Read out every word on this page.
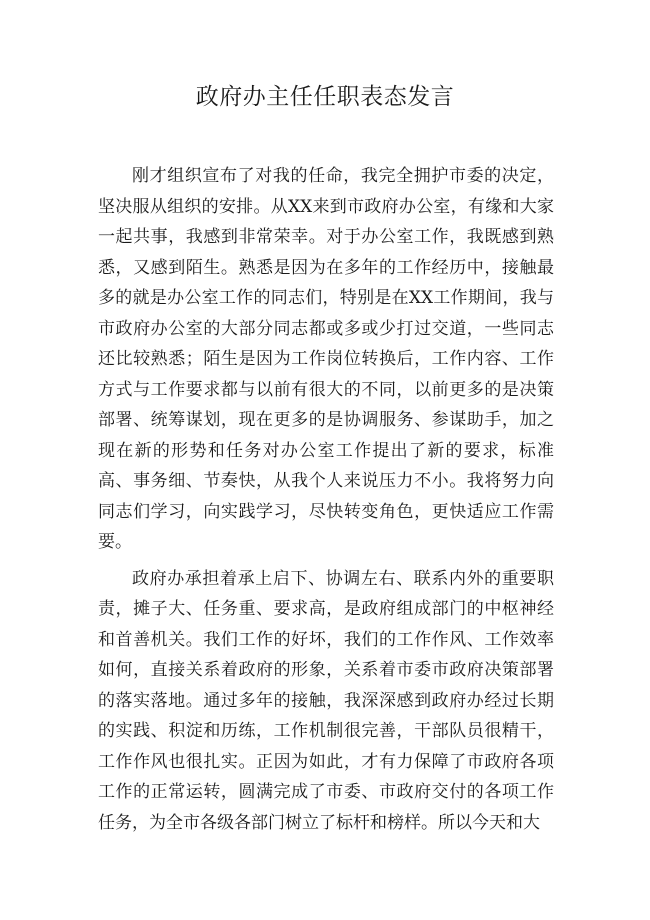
政府办主任任职表态发言

刚才组织宣布了对我的任命，我完全拥护市委的决定，坚决服从组织的安排。从XX来到市政府办公室，有缘和大家一起共事，我感到非常荣幸。对于办公室工作，我既感到熟悉，又感到陌生。熟悉是因为在多年的工作经历中，接触最多的就是办公室工作的同志们，特别是在XX工作期间，我与市政府办公室的大部分同志都或多或少打过交道，一些同志还比较熟悉；陌生是因为工作岗位转换后，工作内容、工作方式与工作要求都与以前有很大的不同，以前更多的是决策部署、统筹谋划，现在更多的是协调服务、参谋助手，加之现在新的形势和任务对办公室工作提出了新的要求，标准高、事务细、节奏快，从我个人来说压力不小。我将努力向同志们学习，向实践学习，尽快转变角色，更快适应工作需要。

政府办承担着承上启下、协调左右、联系内外的重要职责，摊子大、任务重、要求高，是政府组成部门的中枢神经和首善机关。我们工作的好坏，我们的工作作风、工作效率如何，直接关系着政府的形象，关系着市委市政府决策部署的落实落地。通过多年的接触，我深深感到政府办经过长期的实践、积淀和历练，工作机制很完善，干部队员很精干，工作作风也很扎实。正因为如此，才有力保障了市政府各项工作的正常运转，圆满完成了市委、市政府交付的各项工作任务，为全市各级各部门树立了标杆和榜样。所以今天和大
